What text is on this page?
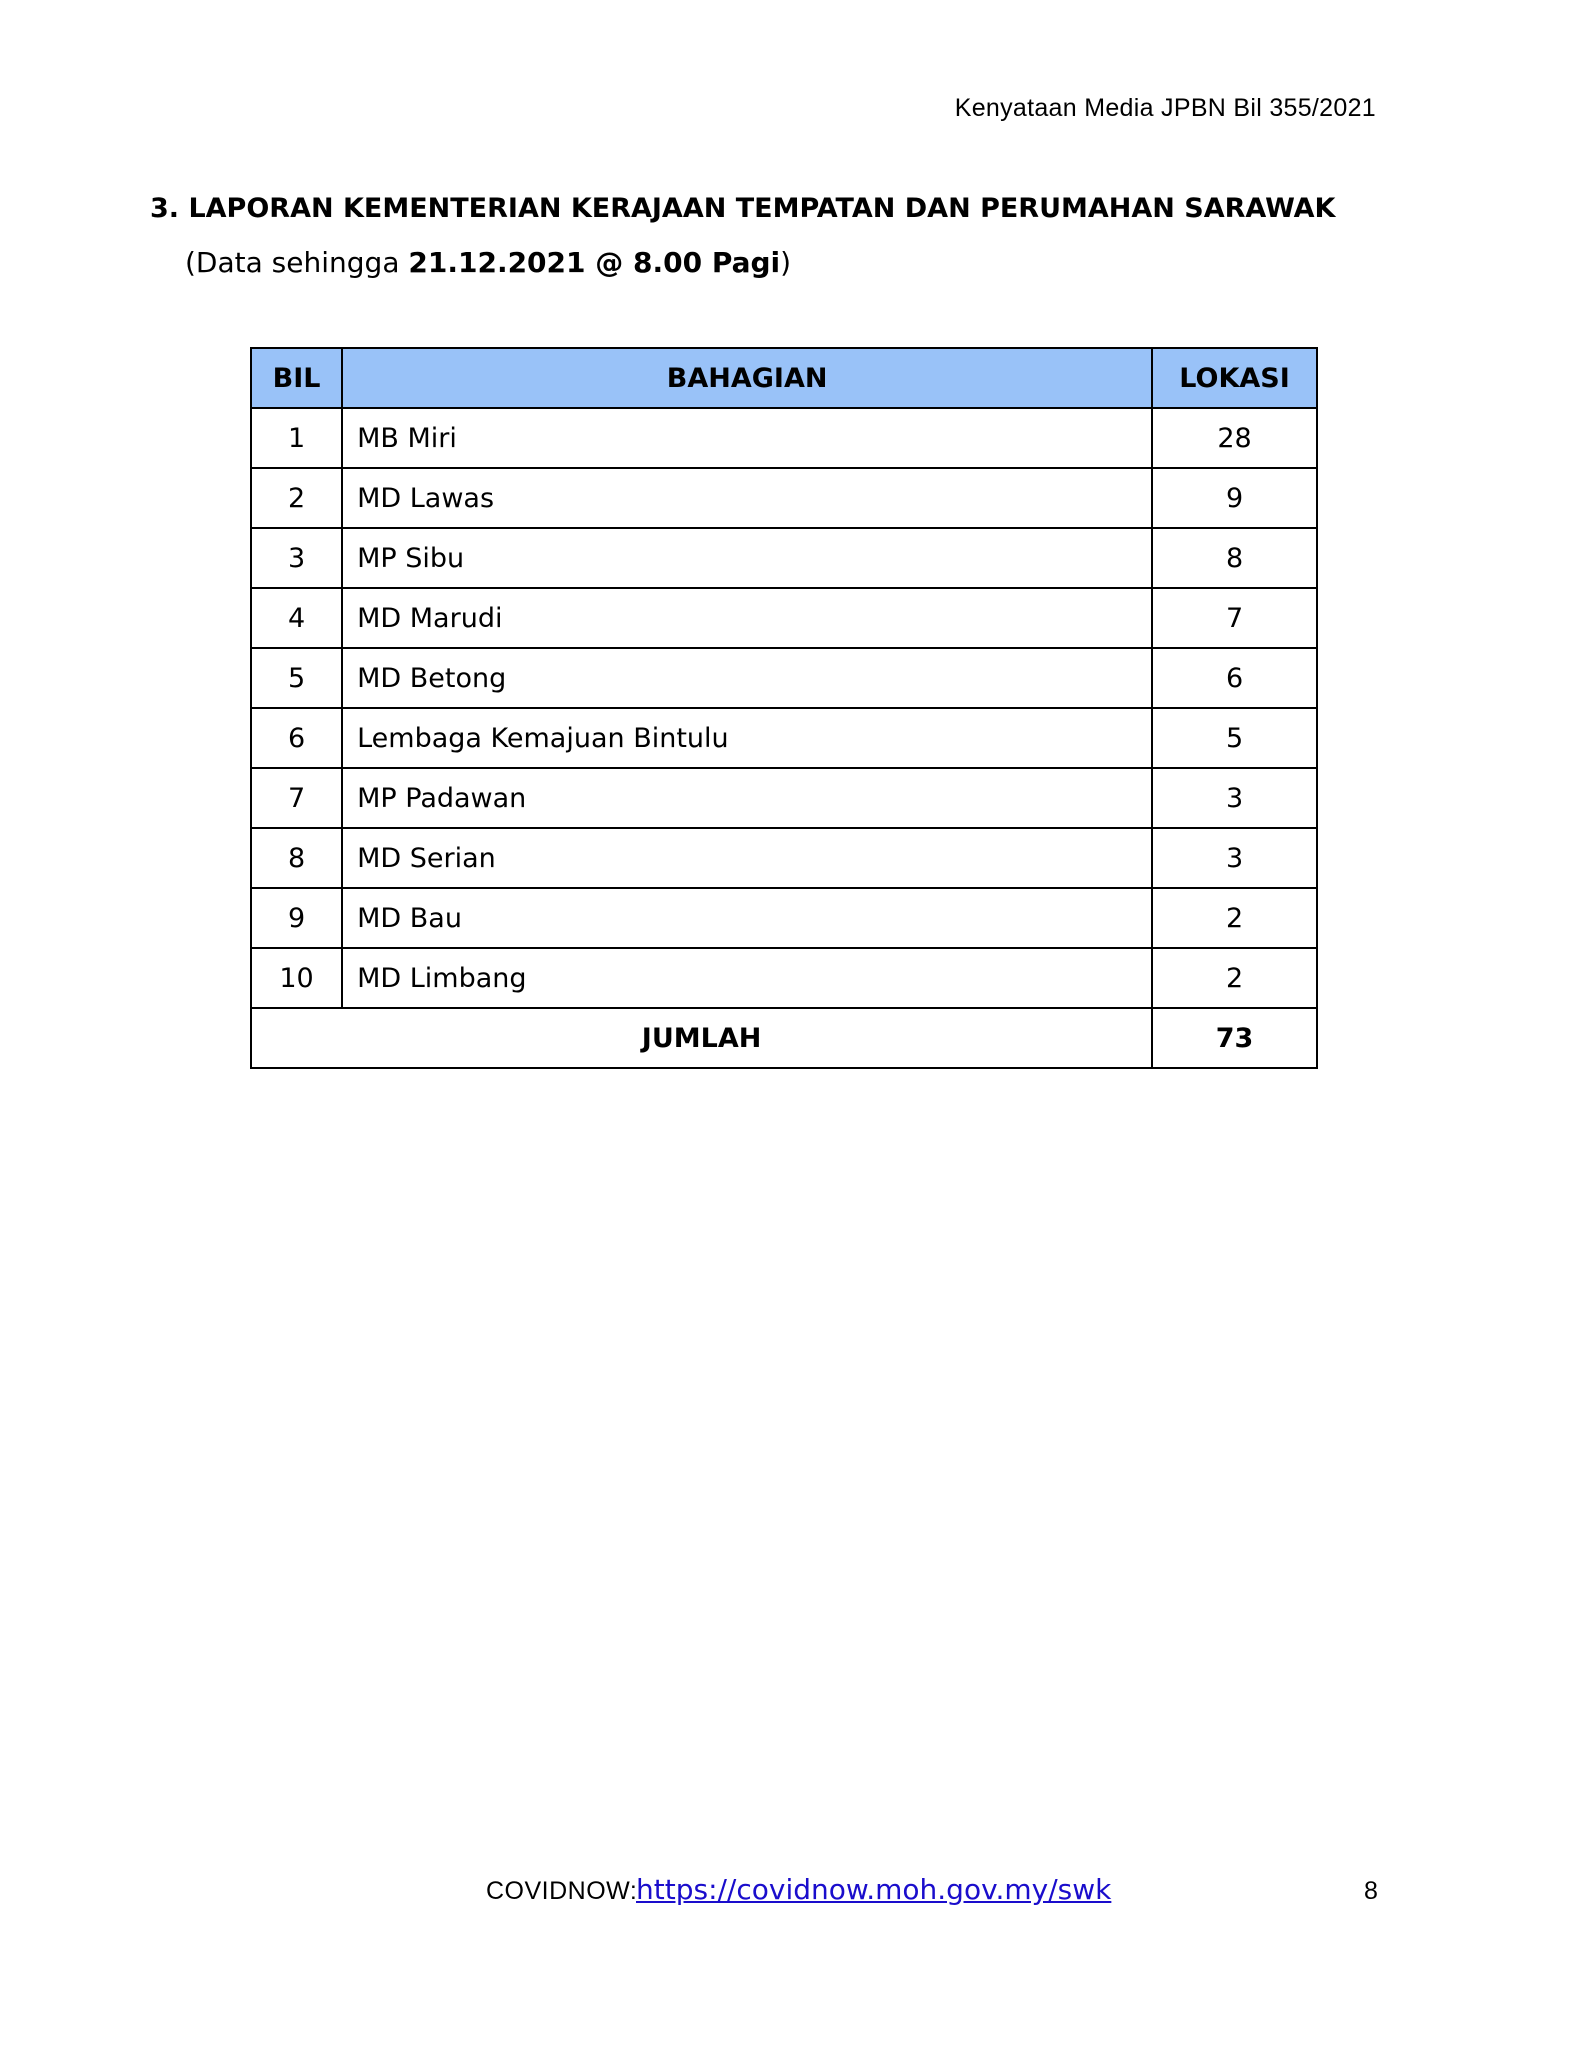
Kenyataan Media JPBN Bil 355/2021
3. LAPORAN KEMENTERIAN KERAJAAN TEMPATAN DAN PERUMAHAN SARAWAK
(Data sehingga 21.12.2021 @ 8.00 Pagi)
BIL	BAHAGIAN	LOKASI
1	MB Miri	28
2	MD Lawas	9
3	MP Sibu	8
4	MD Marudi	7
5	MD Betong	6
6	Lembaga Kemajuan Bintulu	5
7	MP Padawan	3
8	MD Serian	3
9	MD Bau	2
10	MD Limbang	2
JUMLAH		73
COVIDNOW:
https://covidnow.moh.gov.my/swk	8
